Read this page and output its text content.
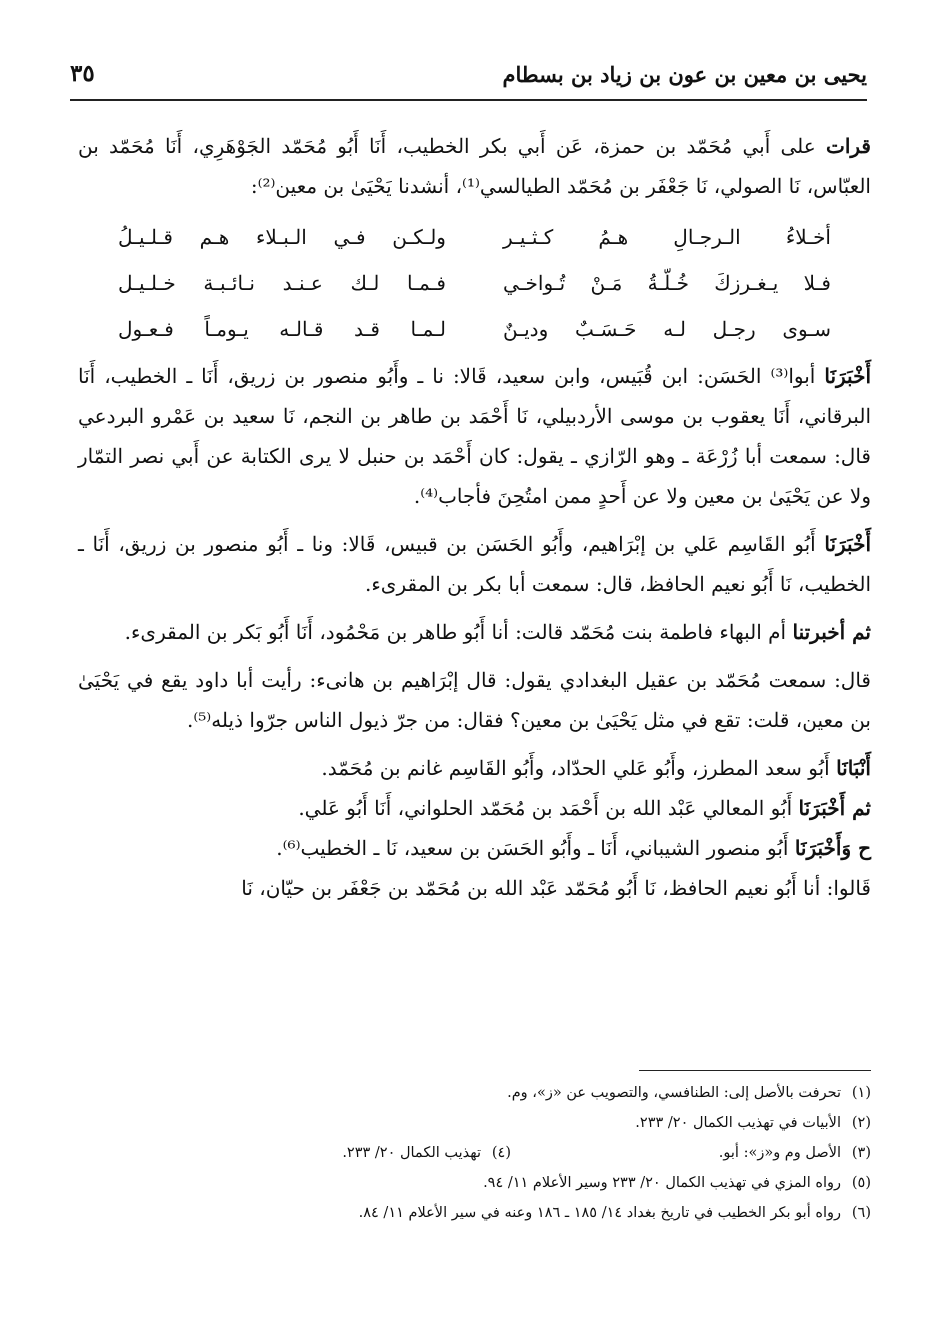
يحيى بن معين بن عون بن زياد بن بسطام
٣٥

قرات على أَبي مُحَمّد بن حمزة، عَن أَبي بكر الخطيب، أَنَا أَبُو مُحَمّد الجَوْهَرِي، أَنَا مُحَمّد بن العبّاس، نَا الصولي، نَا جَعْفَر بن مُحَمّد الطيالسي⁽¹⁾، أنشدنا يَحْيَىٰ بن معين⁽²⁾:

أخـلاءُ الـرجـالِ هـمُ كـثـيـر
ولـكـن فـي الـبـلاء هـم قـلـيـلُ
فـلا يـغـرزكَ خُـلّـةُ مَـنْ تُـواخـي
فـمـا لـك عـنـد نـائـبـة خـلـيـل
سـوى رجـل لـه حَـسَـبٌ وديـنٌ
لـمـا قـد قـالـه يـومـاً فـعـول

أَخْبَرَنَا أبوا⁽³⁾ الحَسَن: ابن قُبَيس، وابن سعيد، قَالا: نا ـ وأَبُو منصور بن زريق، أَنَا ـ الخطيب، أَنَا البرقاني، أَنَا يعقوب بن موسى الأردبيلي، نَا أَحْمَد بن طاهر بن النجم، نَا سعيد بن عَمْرو البردعي قال: سمعت أبا زُرْعَة ـ وهو الرّازي ـ يقول: كان أَحْمَد بن حنبل لا يرى الكتابة عن أَبي نصر التمّار ولا عن يَحْيَىٰ بن معين ولا عن أَحدٍ ممن امتُحِنَ فأجاب⁽⁴⁾.

أَخْبَرَنَا أَبُو القَاسِم عَلي بن إبْرَاهيم، وأَبُو الحَسَن بن قبيس، قَالا: ونا ـ أَبُو منصور بن زريق، أَنَا ـ الخطيب، نَا أَبُو نعيم الحافظ، قال: سمعت أبا بكر بن المقرىء.

ثم أخبرتنا أم البهاء فاطمة بنت مُحَمّد قالت: أنا أَبُو طاهر بن مَحْمُود، أَنَا أَبُو بَكر بن المقرىء.

قال: سمعت مُحَمّد بن عقيل البغدادي يقول: قال إبْرَاهيم بن هانىء: رأيت أبا داود يقع في يَحْيَىٰ بن معين، قلت: تقع في مثل يَحْيَىٰ بن معين؟ فقال: من جرّ ذيول الناس جرّوا ذيله⁽⁵⁾.

أَنْبَانَا أَبُو سعد المطرز، وأَبُو عَلي الحدّاد، وأَبُو القَاسِم غانم بن مُحَمّد.

ثم أَخْبَرَنَا أَبُو المعالي عَبْد الله بن أَحْمَد بن مُحَمّد الحلواني، أَنَا أَبُو عَلي.

ح وَأَخْبَرَنَا أَبُو منصور الشيباني، أَنَا ـ وأَبُو الحَسَن بن سعيد، نَا ـ الخطيب⁽⁶⁾.

قَالوا: أنا أَبُو نعيم الحافظ، نَا أَبُو مُحَمّد عَبْد الله بن مُحَمّد بن جَعْفَر بن حيّان، نَا

(١)تحرفت بالأصل إلى: الطنافسي، والتصويب عن «ز»، وم.
(٢)الأبيات في تهذيب الكمال ٢٠/ ٢٣٣.
(٣)الأصل وم و«ز»: أبو.(٤)تهذيب الكمال ٢٠/ ٢٣٣.
(٥)رواه المزي في تهذيب الكمال ٢٠/ ٢٣٣ وسير الأعلام ١١/ ٩٤.
(٦)رواه أبو بكر الخطيب في تاريخ بغداد ١٤/ ١٨٥ ـ ١٨٦ وعنه في سير الأعلام ١١/ ٨٤.
